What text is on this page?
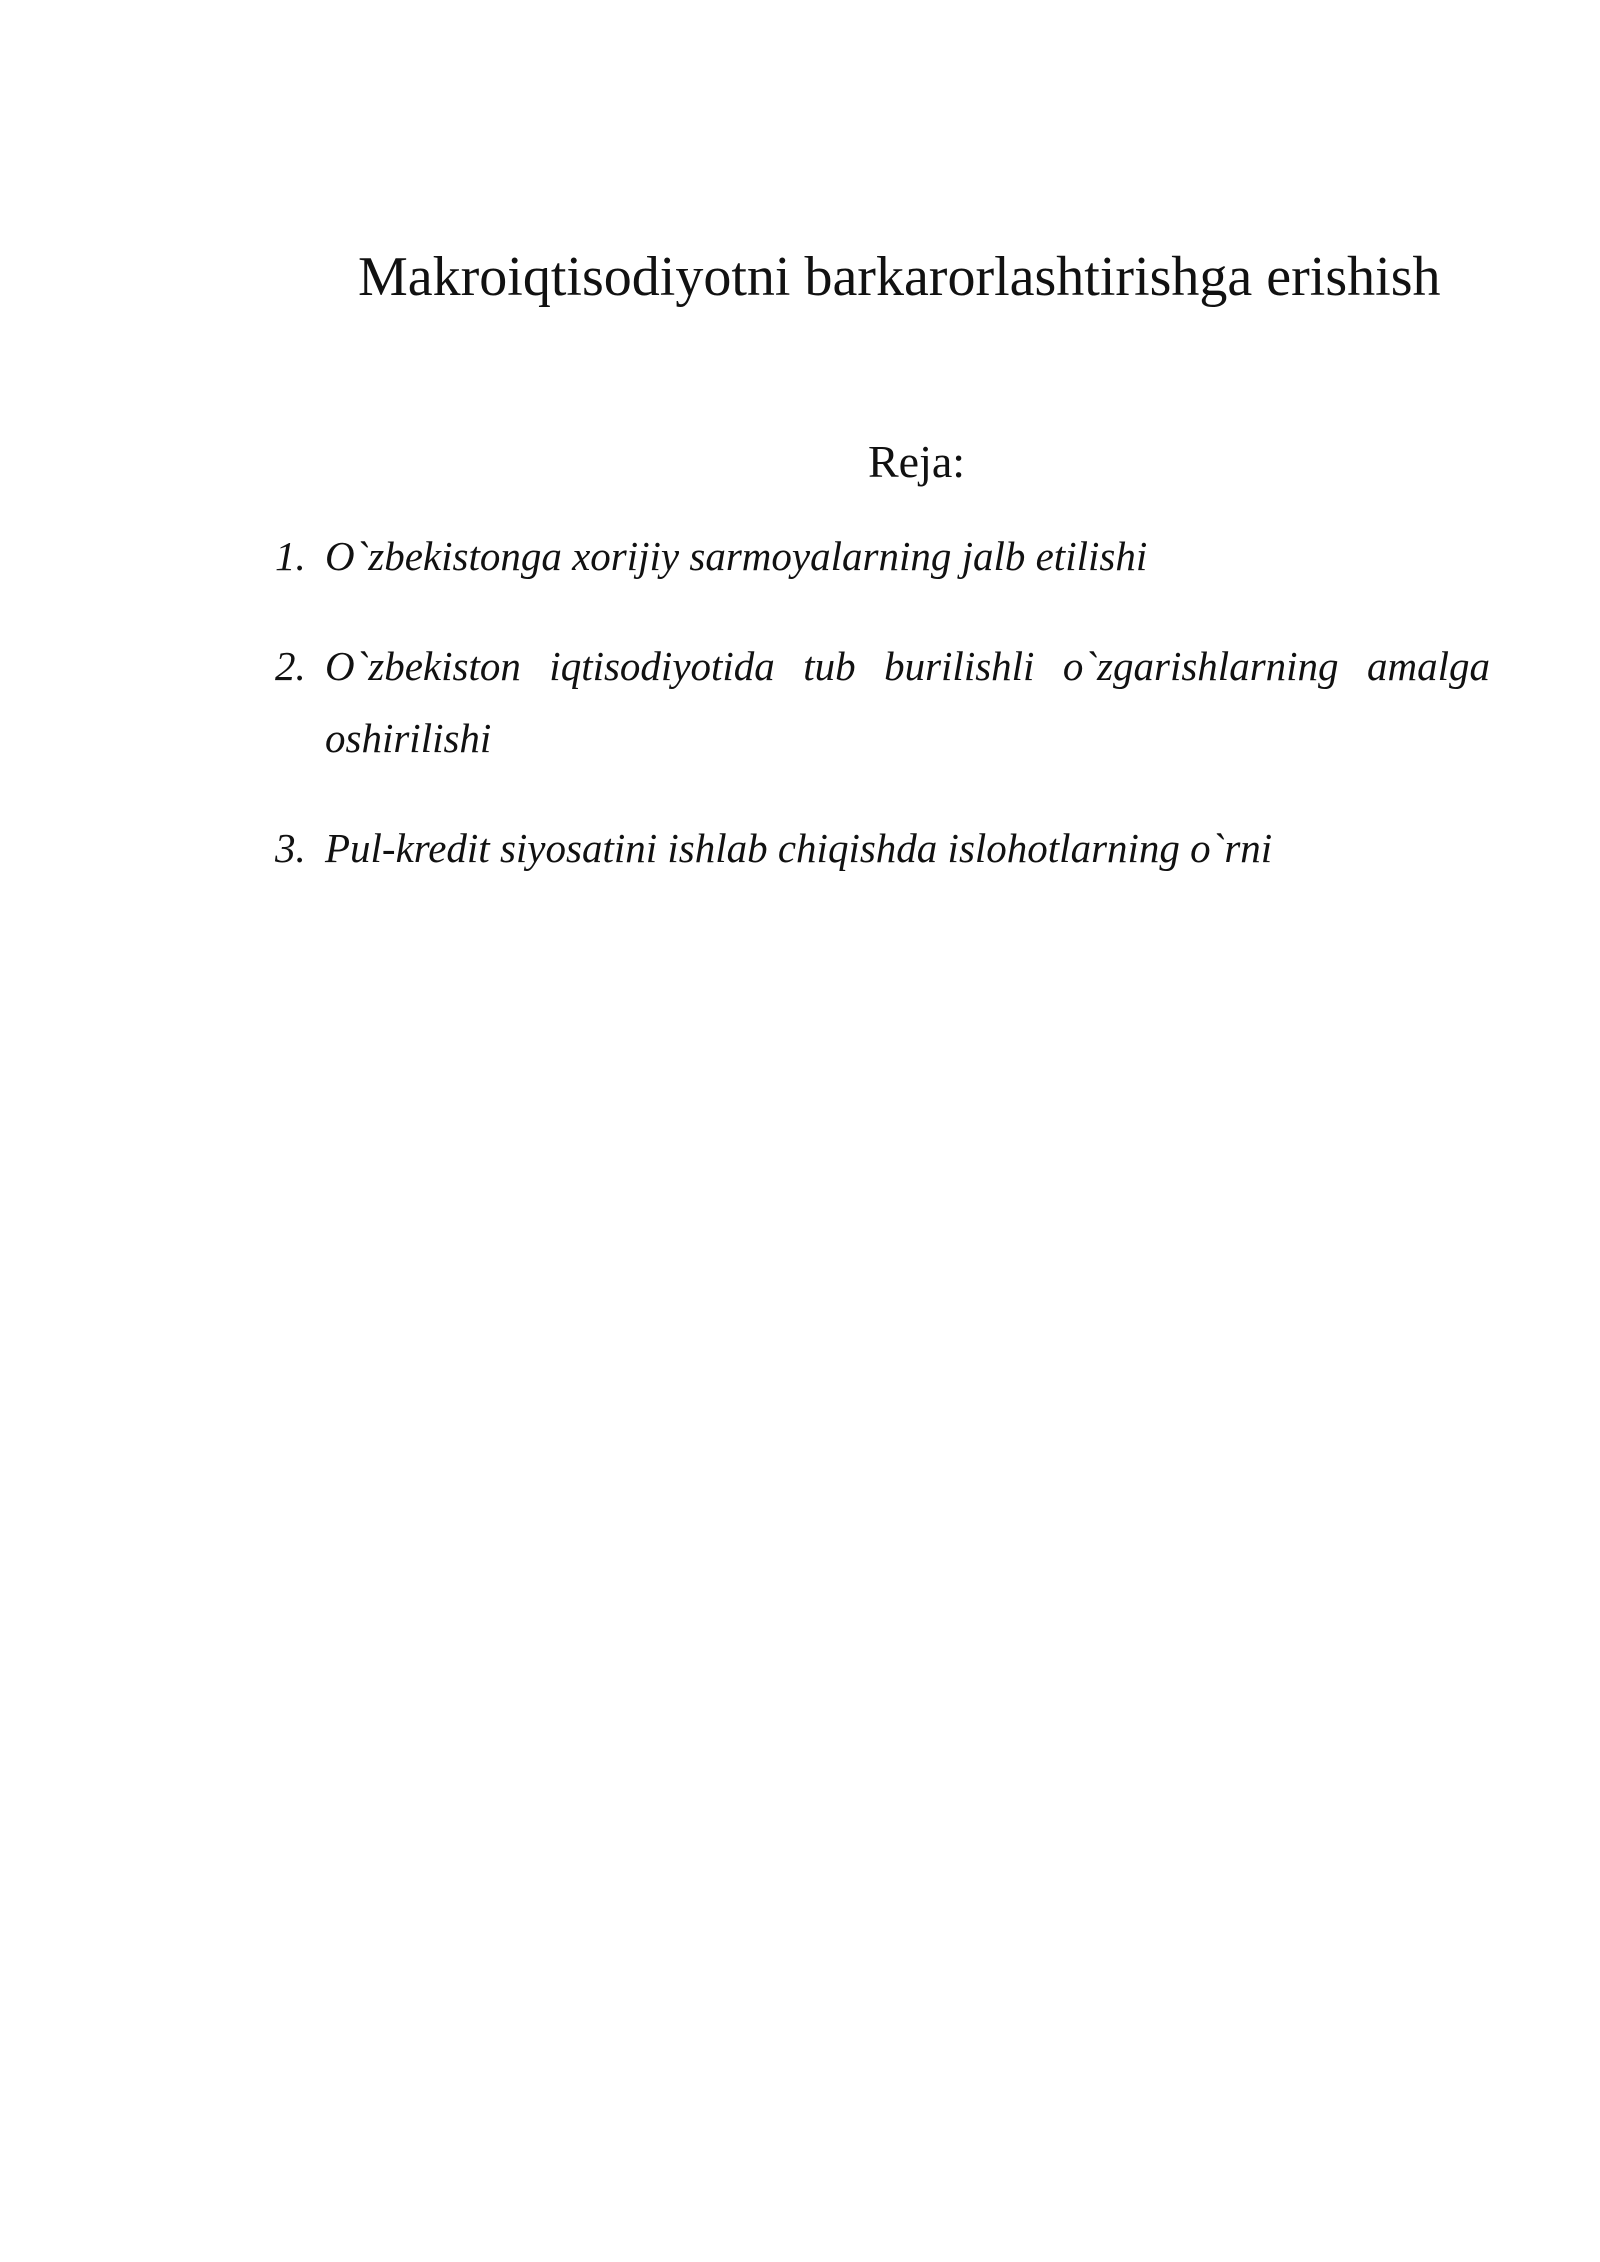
Makroiqtisodiyotni barkarorlashtirishga erishish
Reja:
1. O`zbekistonga xorijiy sarmoyalarning jalb etilishi
2. O`zbekiston iqtisodiyotida tub burilishli o`zgarishlarning amalga
oshirilishi
3. Pul-kredit siyosatini ishlab chiqishda islohotlarning o`rni
